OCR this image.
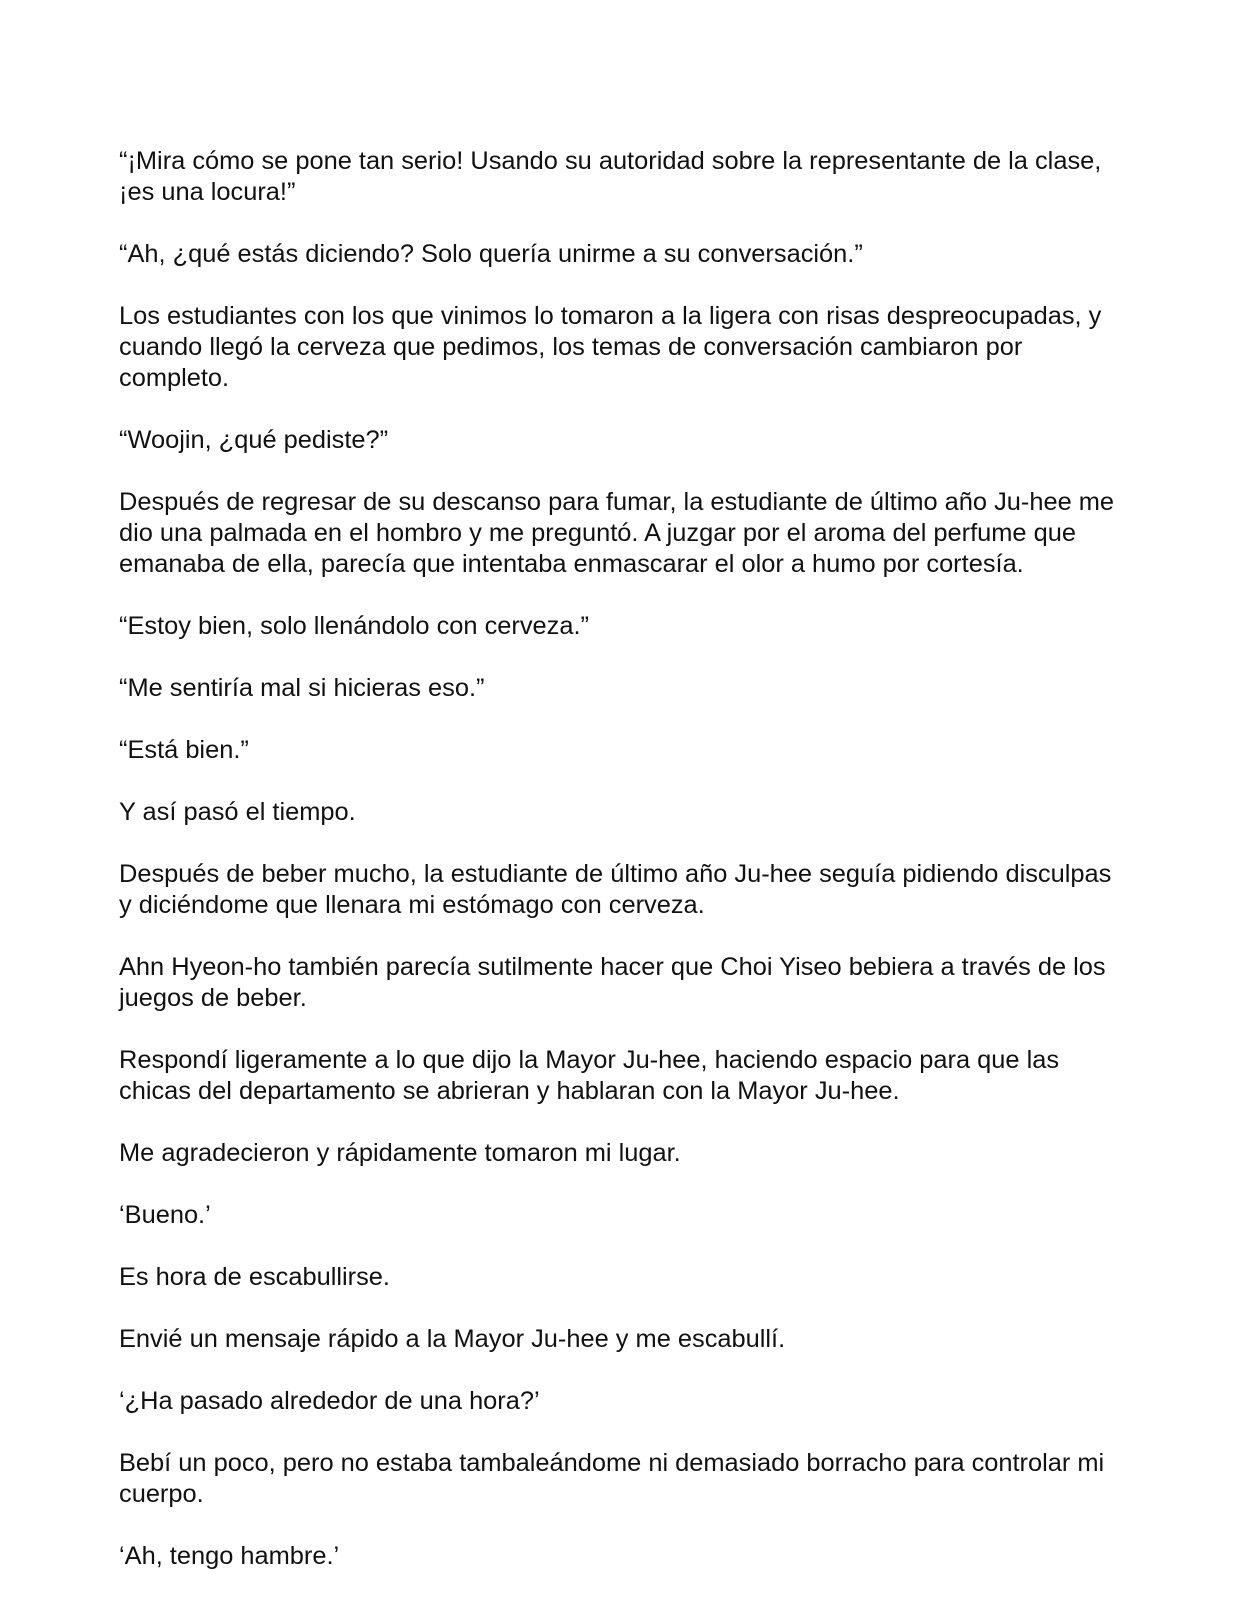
“¡Mira cómo se pone tan serio! Usando su autoridad sobre la representante de la clase, ¡es una locura!”

“Ah, ¿qué estás diciendo? Solo quería unirme a su conversación.”

Los estudiantes con los que vinimos lo tomaron a la ligera con risas despreocupadas, y cuando llegó la cerveza que pedimos, los temas de conversación cambiaron por completo.

“Woojin, ¿qué pediste?”

Después de regresar de su descanso para fumar, la estudiante de último año Ju-hee me dio una palmada en el hombro y me preguntó. A juzgar por el aroma del perfume que emanaba de ella, parecía que intentaba enmascarar el olor a humo por cortesía.

“Estoy bien, solo llenándolo con cerveza.”

“Me sentiría mal si hicieras eso.”

“Está bien.”

Y así pasó el tiempo.

Después de beber mucho, la estudiante de último año Ju-hee seguía pidiendo disculpas y diciéndome que llenara mi estómago con cerveza.

Ahn Hyeon-ho también parecía sutilmente hacer que Choi Yiseo bebiera a través de los juegos de beber.

Respondí ligeramente a lo que dijo la Mayor Ju-hee, haciendo espacio para que las chicas del departamento se abrieran y hablaran con la Mayor Ju-hee.

Me agradecieron y rápidamente tomaron mi lugar.

‘Bueno.’

Es hora de escabullirse.

Envié un mensaje rápido a la Mayor Ju-hee y me escabullí.

‘¿Ha pasado alrededor de una hora?’

Bebí un poco, pero no estaba tambaleándome ni demasiado borracho para controlar mi cuerpo.

‘Ah, tengo hambre.’
